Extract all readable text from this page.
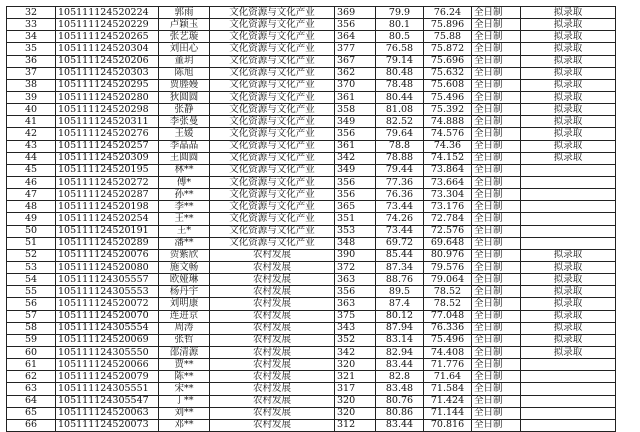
32	105111124520224	郭雨	文化资源与文化产业	369	79.9	76.24	全日制	拟录取
33	105111124520229	卢颖玉	文化资源与文化产业	356	80.1	75.896	全日制	拟录取
34	105111124520265	张艺璇	文化资源与文化产业	364	80.5	75.88	全日制	拟录取
35	105111124520304	刘田心	文化资源与文化产业	377	76.58	75.872	全日制	拟录取
36	105111124520206	董玥	文化资源与文化产业	367	79.14	75.696	全日制	拟录取
37	105111124520303	陈旭	文化资源与文化产业	362	80.48	75.632	全日制	拟录取
38	105111124520295	贾塍嫚	文化资源与文化产业	370	78.48	75.608	全日制	拟录取
39	105111124520280	狄圆圆	文化资源与文化产业	361	80.44	75.496	全日制	拟录取
40	105111124520298	张静	文化资源与文化产业	358	81.08	75.392	全日制	拟录取
41	105111124520311	李张曼	文化资源与文化产业	349	82.52	74.888	全日制	拟录取
42	105111124520276	王媛	文化资源与文化产业	356	79.64	74.576	全日制	拟录取
43	105111124520257	李晶晶	文化资源与文化产业	361	78.8	74.36	全日制	拟录取
44	105111124520309	王圆圆	文化资源与文化产业	342	78.88	74.152	全日制	拟录取
45	105111124520195	林**	文化资源与文化产业	349	79.44	73.864	全日制	
46	105111124520272	傅*	文化资源与文化产业	356	77.36	73.664	全日制	
47	105111124520287	孙**	文化资源与文化产业	356	76.36	73.304	全日制	
48	105111124520198	李**	文化资源与文化产业	365	73.44	73.176	全日制	
49	105111124520254	王**	文化资源与文化产业	351	74.26	72.784	全日制	
50	105111124520191	王*	文化资源与文化产业	353	73.44	72.576	全日制	
51	105111124520289	潘**	文化资源与文化产业	348	69.72	69.648	全日制	
52	105111124520076	贺紫欣	农村发展	390	85.44	80.976	全日制	拟录取
53	105111124520080	施文畅	农村发展	372	87.34	79.576	全日制	拟录取
54	105111124305557	欧娅琳	农村发展	363	88.76	79.064	全日制	拟录取
55	105111124305553	杨丹宇	农村发展	356	89.5	78.52	全日制	拟录取
56	105111124520072	刘明康	农村发展	363	87.4	78.52	全日制	拟录取
57	105111124520070	连进京	农村发展	375	80.12	77.048	全日制	拟录取
58	105111124305554	周涛	农村发展	343	87.94	76.336	全日制	拟录取
59	105111124520069	张哲	农村发展	352	83.14	75.496	全日制	拟录取
60	105111124305550	邵清源	农村发展	342	82.94	74.408	全日制	拟录取
61	105111124520066	贾**	农村发展	320	83.44	71.776	全日制	
62	105111124520079	陈**	农村发展	321	82.8	71.64	全日制	
63	105111124305551	宋**	农村发展	317	83.48	71.584	全日制	
64	105111124305547	丁**	农村发展	320	80.76	71.424	全日制	
65	105111124520063	刘**	农村发展	320	80.86	71.144	全日制	
66	105111124520073	邓**	农村发展	312	83.44	70.816	全日制	
